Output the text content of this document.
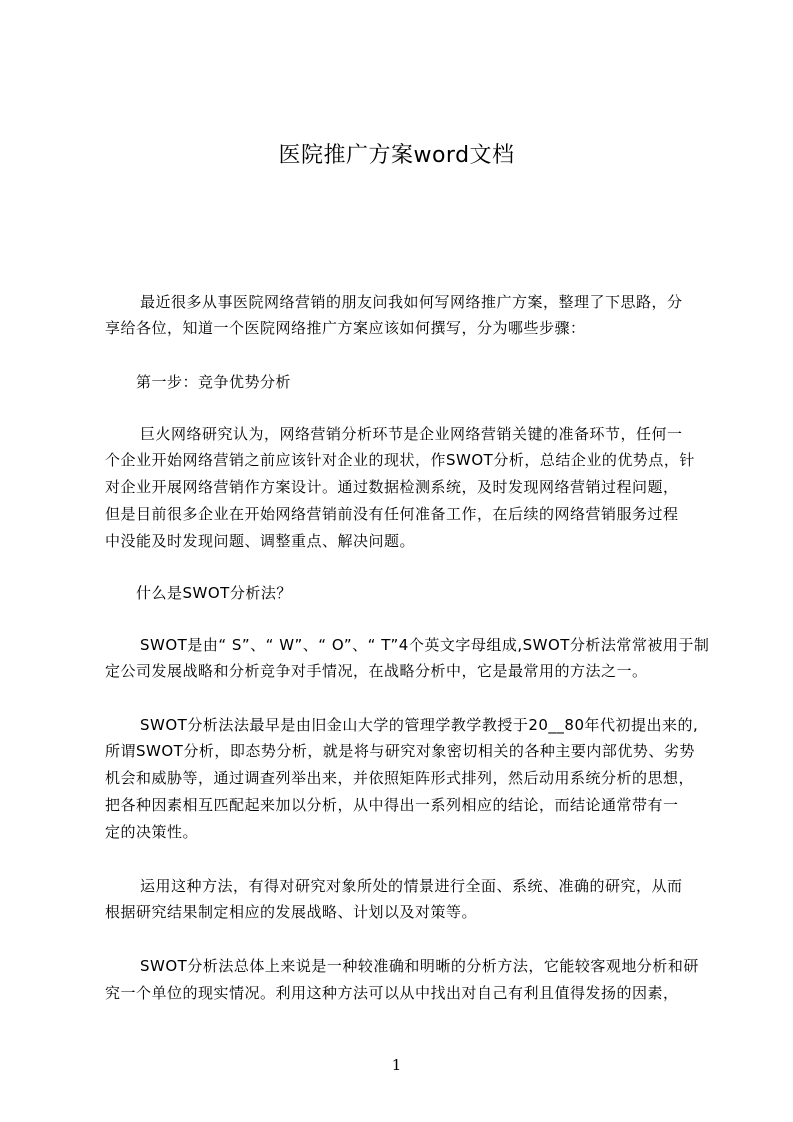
医院推广方案word文档
最近很多从事医院网络营销的朋友问我如何写网络推广方案，整理了下思路，分
享给各位，知道一个医院网络推广方案应该如何撰写，分为哪些步骤：
第一步：竞争优势分析
巨火网络研究认为，网络营销分析环节是企业网络营销关键的准备环节，任何一
个企业开始网络营销之前应该针对企业的现状，作SWOT分析，总结企业的优势点，针
对企业开展网络营销作方案设计。通过数据检测系统，及时发现网络营销过程问题，
但是目前很多企业在开始网络营销前没有任何准备工作，在后续的网络营销服务过程
中没能及时发现问题、调整重点、解决问题。
什么是SWOT分析法？
SWOT是由“ S”、“ W”、“ O”、“ T”4个英文字母组成,SWOT分析法常常被用于制
定公司发展战略和分析竞争对手情况，在战略分析中，它是最常用的方法之一。
SWOT分析法法最早是由旧金山大学的管理学教学教授于20__80年代初提出来的,
所谓SWOT分析，即态势分析，就是将与研究对象密切相关的各种主要内部优势、劣势
机会和威胁等，通过调查列举出来，并依照矩阵形式排列，然后动用系统分析的思想，
把各种因素相互匹配起来加以分析，从中得出一系列相应的结论，而结论通常带有一
定的决策性。
运用这种方法，有得对研究对象所处的情景进行全面、系统、准确的研究，从而
根据研究结果制定相应的发展战略、计划以及对策等。
SWOT分析法总体上来说是一种较准确和明晰的分析方法，它能较客观地分析和研
究一个单位的现实情况。利用这种方法可以从中找出对自己有利且值得发扬的因素，
1
